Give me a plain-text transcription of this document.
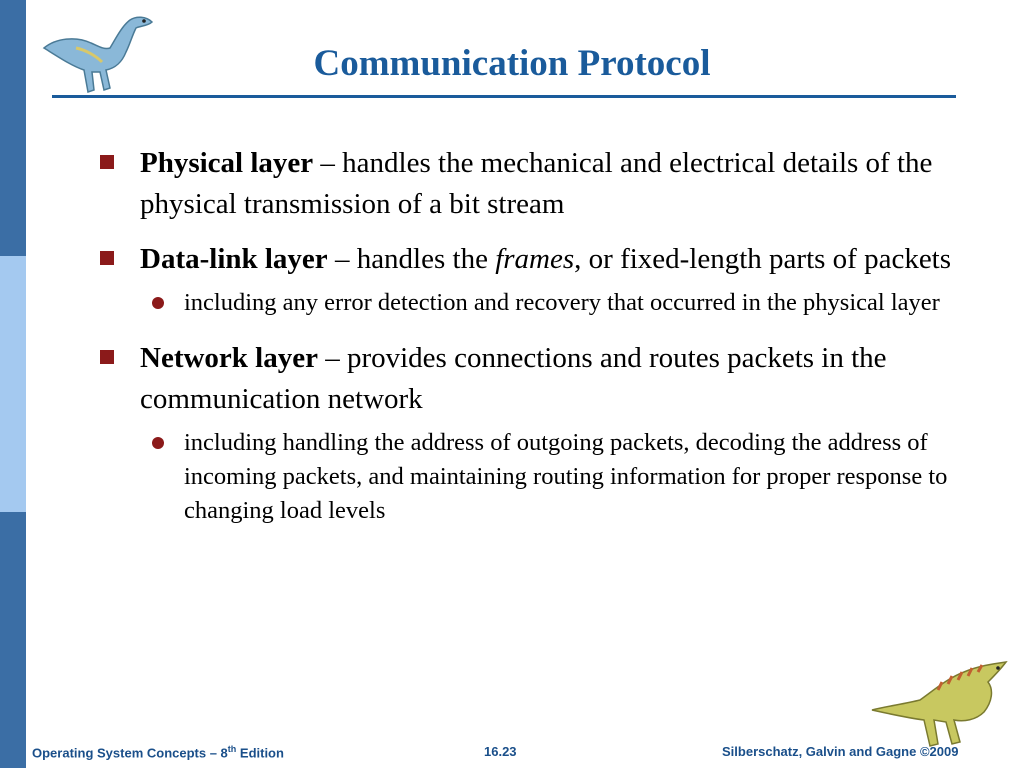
Communication Protocol
Physical layer – handles the mechanical and electrical details of the physical transmission of a bit stream
Data-link layer – handles the frames, or fixed-length parts of packets
including any error detection and recovery that occurred in the physical layer
Network layer – provides connections and routes packets in the communication network
including handling the address of outgoing packets, decoding the address of incoming packets, and maintaining routing information for proper response to changing load levels
Operating System Concepts – 8th Edition	16.23	Silberschatz, Galvin and Gagne ©2009
